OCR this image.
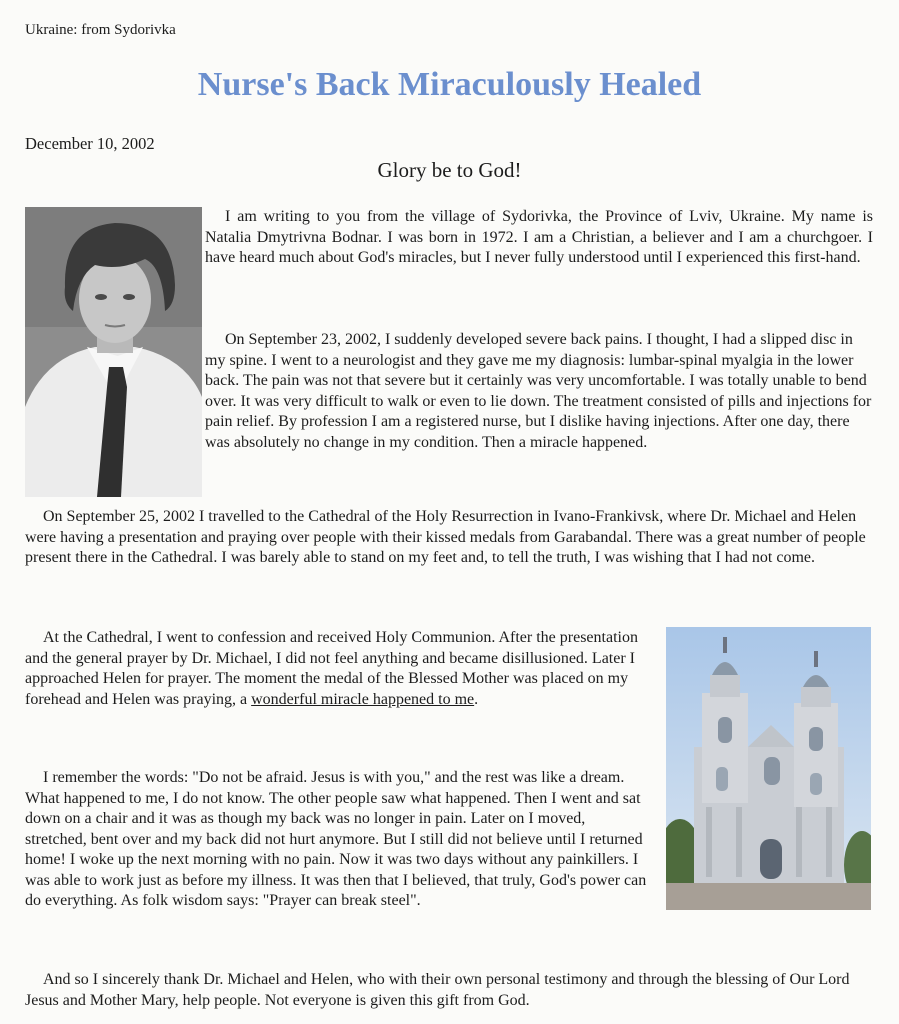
Ukraine: from Sydorivka
Nurse's Back Miraculously Healed
December 10, 2002
Glory be to God!

I am writing to you from the village of Sydorivka, the Province of Lviv, Ukraine. My name is Natalia Dmytrivna Bodnar. I was born in 1972. I am a Christian, a believer and I am a churchgoer. I have heard much about God's miracles, but I never fully understood until I experienced this first-hand.

On September 23, 2002, I suddenly developed severe back pains. I thought, I had a slipped disc in my spine. I went to a neurologist and they gave me my diagnosis: lumbar-spinal myalgia in the lower back. The pain was not that severe but it certainly was very uncomfortable. I was totally unable to bend over. It was very difficult to walk or even to lie down. The treatment consisted of pills and injections for pain relief. By profession I am a registered nurse, but I dislike having injections. After one day, there was absolutely no change in my condition. Then a miracle happened.

On September 25, 2002 I travelled to the Cathedral of the Holy Resurrection in Ivano-Frankivsk, where Dr. Michael and Helen were having a presentation and praying over people with their kissed medals from Garabandal. There was a great number of people present there in the Cathedral. I was barely able to stand on my feet and, to tell the truth, I was wishing that I had not come.

At the Cathedral, I went to confession and received Holy Communion. After the presentation and the general prayer by Dr. Michael, I did not feel anything and became disillusioned. Later I approached Helen for prayer. The moment the medal of the Blessed Mother was placed on my forehead and Helen was praying, a wonderful miracle happened to me.

I remember the words: "Do not be afraid. Jesus is with you," and the rest was like a dream. What happened to me, I do not know. The other people saw what happened. Then I went and sat down on a chair and it was as though my back was no longer in pain. Later on I moved, stretched, bent over and my back did not hurt anymore. But I still did not believe until I returned home! I woke up the next morning with no pain. Now it was two days without any painkillers. I was able to work just as before my illness. It was then that I believed, that truly, God's power can do everything. As folk wisdom says: "Prayer can break steel".

And so I sincerely thank Dr. Michael and Helen, who with their own personal testimony and through the blessing of Our Lord Jesus and Mother Mary, help people. Not everyone is given this gift from God.
